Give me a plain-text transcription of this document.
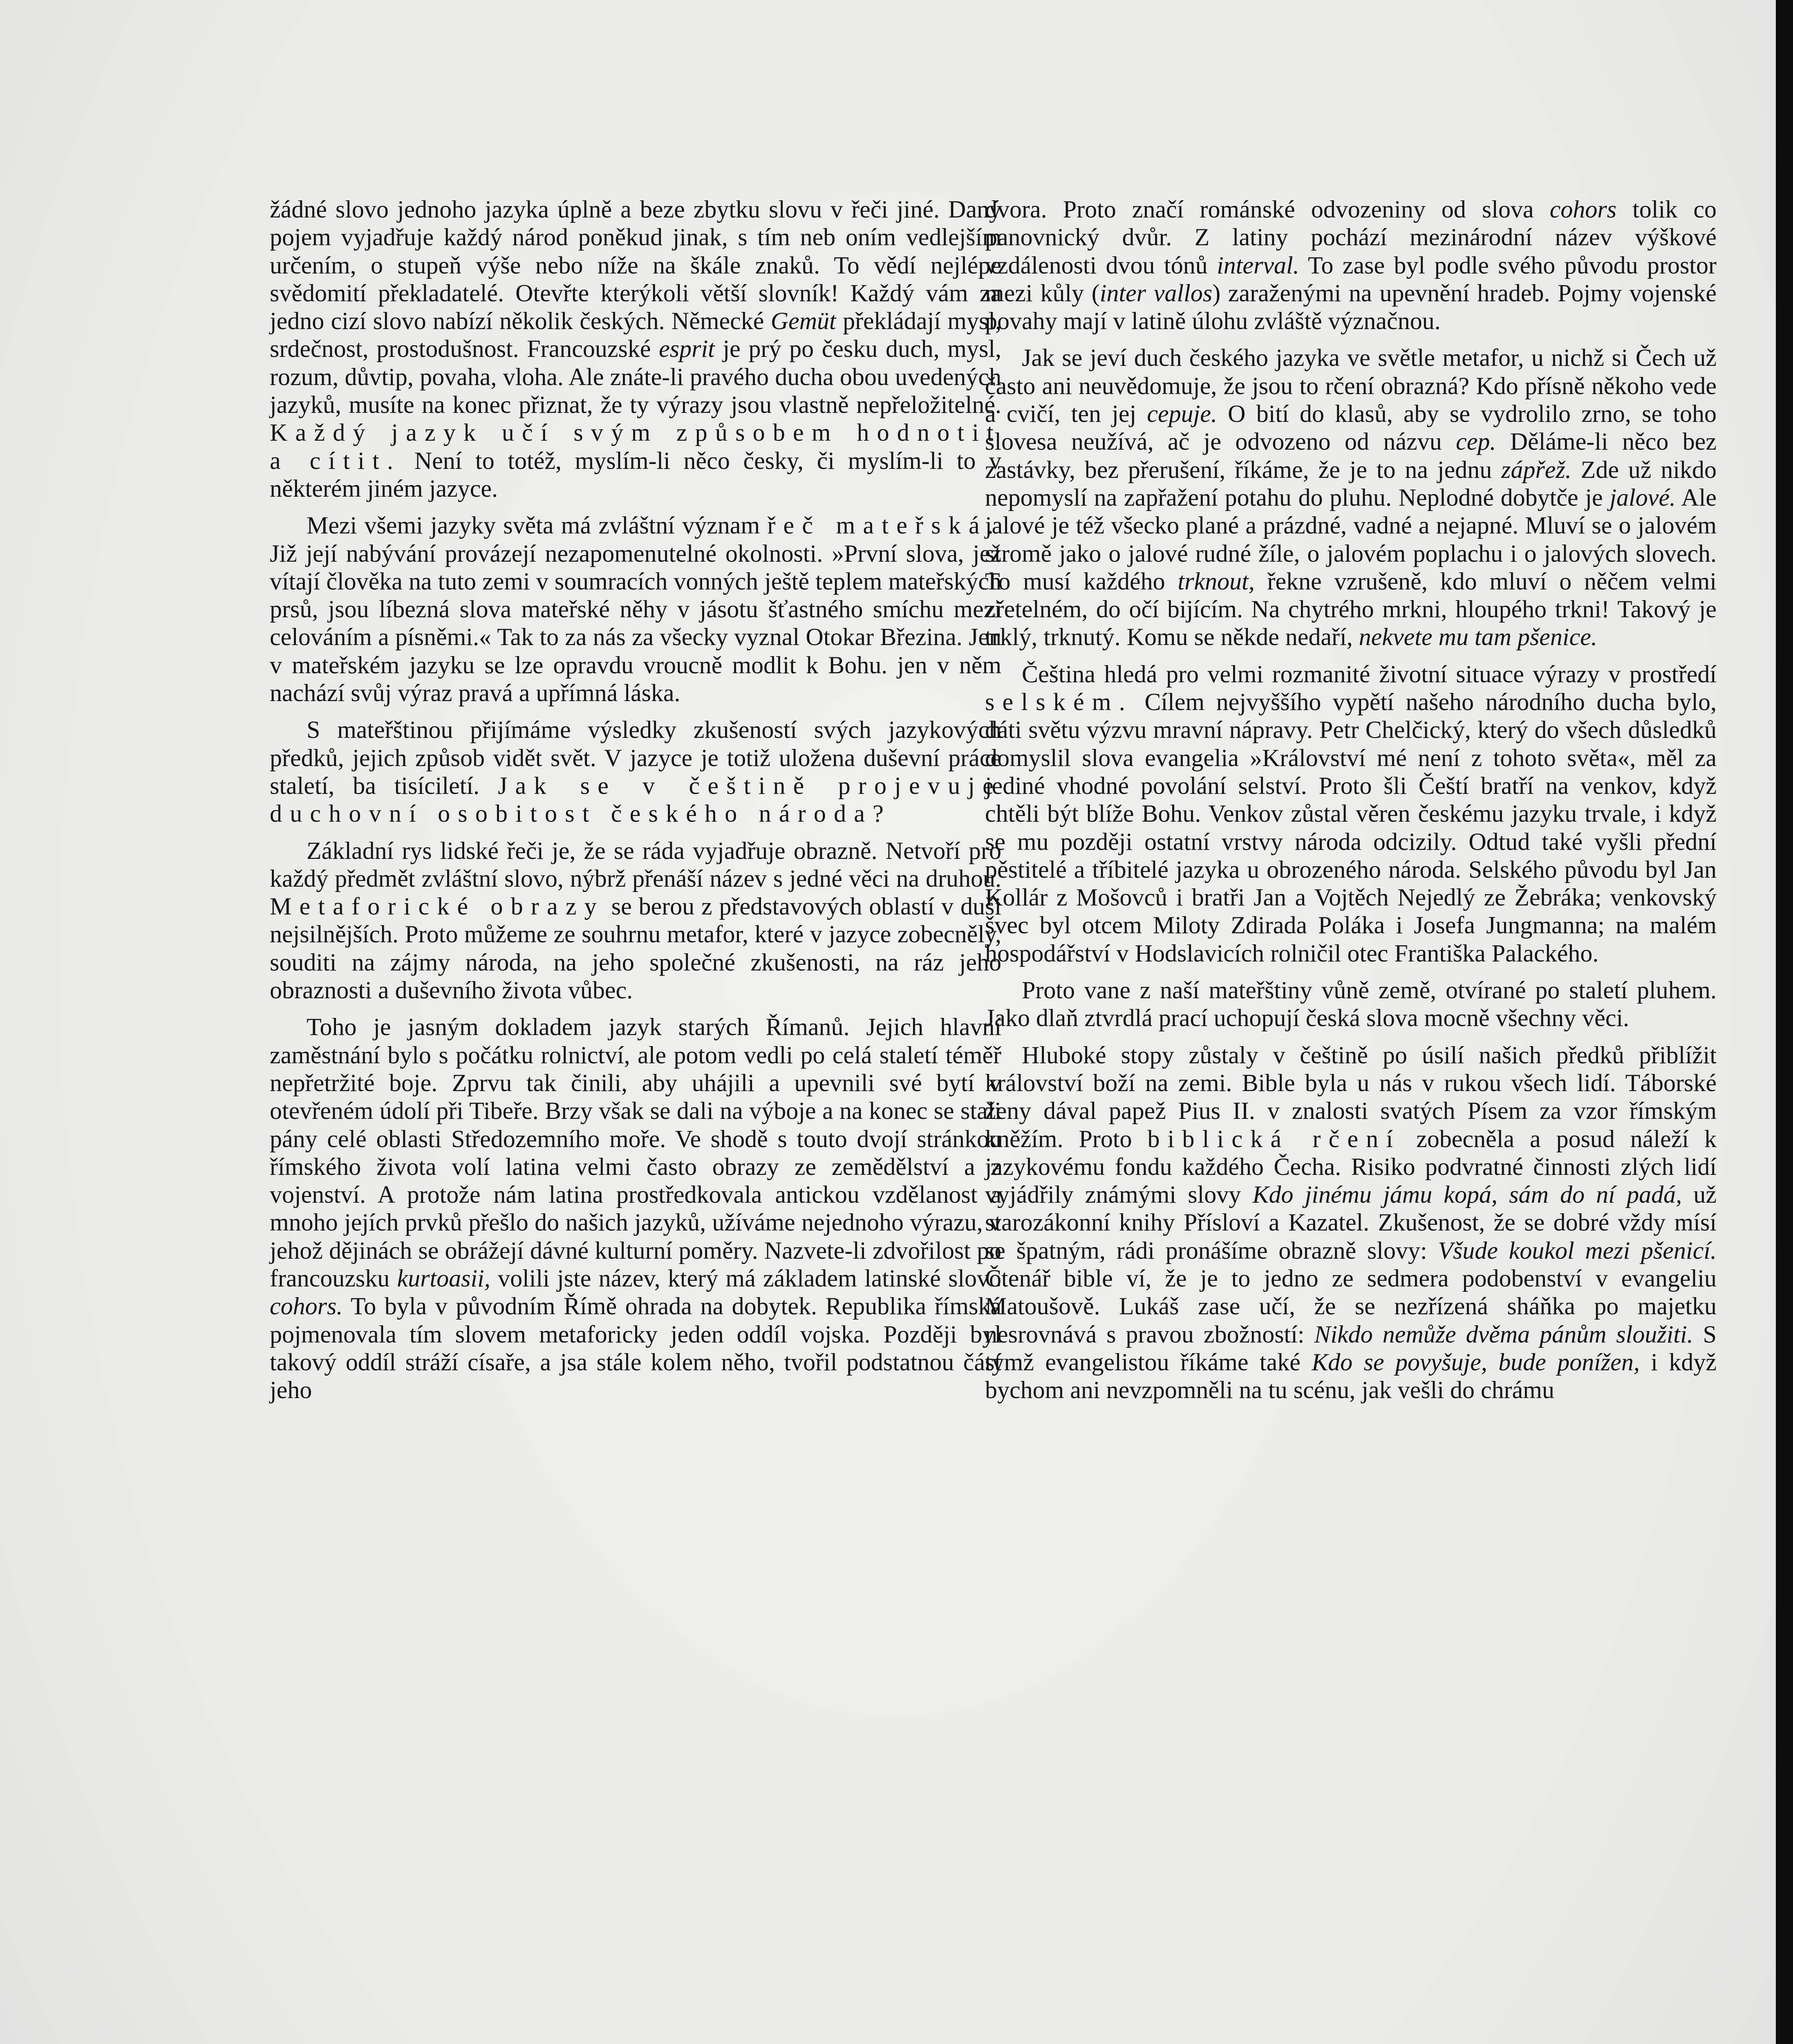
žádné slovo jednoho jazyka úplně a beze zbytku slovu v řeči jiné. Daný pojem vyjadřuje každý národ poněkud jinak, s tím neb oním vedlejším určením, o stupeň výše nebo níže na škále znaků. To vědí nejlépe svědomití překladatelé. Otevřte kterýkoli větší slovník! Každý vám za jedno cizí slovo nabízí několik českých. Německé Gemüt překládají mysl, srdečnost, prostodušnost. Francouzské esprit je prý po česku duch, mysl, rozum, důvtip, povaha, vloha. Ale znáte-li pravého ducha obou uvedených jazyků, musíte na konec přiznat, že ty výrazy jsou vlastně nepřeložitelné. Každý jazyk učí svým způsobem hodnotit a cítit. Není to totéž, myslím-li něco česky, či myslím-li to v některém jiném jazyce.

Mezi všemi jazyky světa má zvláštní význam řeč mateřská. Již její nabývání provázejí nezapomenutelné okolnosti. »První slova, jež vítají člověka na tuto zemi v soumracích vonných ještě teplem mateřských prsů, jsou líbezná slova mateřské něhy v jásotu šťastného smíchu mezi celováním a písněmi.« Tak to za nás za všecky vyznal Otokar Březina. Jen v mateřském jazyku se lze opravdu vroucně modlit k Bohu. jen v něm nachází svůj výraz pravá a upřímná láska.

S mateřštinou přijímáme výsledky zkušeností svých jazykových předků, jejich způsob vidět svět. V jazyce je totiž uložena duševní práce staletí, ba tisíciletí. Jak se v češtině projevuje duchovní osobitost českého národa?

Základní rys lidské řeči je, že se ráda vyjadřuje obrazně. Netvoří pro každý předmět zvláštní slovo, nýbrž přenáší název s jedné věci na druhou. Metaforické obrazy se berou z představových oblastí v duši nejsilnějších. Proto můžeme ze souhrnu metafor, které v jazyce zobecněly, souditi na zájmy národa, na jeho společné zkušenosti, na ráz jeho obraznosti a duševního života vůbec.

Toho je jasným dokladem jazyk starých Římanů. Jejich hlavní zaměstnání bylo s počátku rolnictví, ale potom vedli po celá staletí téměř nepřetržité boje. Zprvu tak činili, aby uhájili a upevnili své bytí v otevřeném údolí při Tibeře. Brzy však se dali na výboje a na konec se stali pány celé oblasti Středozemního moře. Ve shodě s touto dvojí stránkou římského života volí latina velmi často obrazy ze zemědělství a z vojenství. A protože nám latina prostředkovala antickou vzdělanost a mnoho jejích prvků přešlo do našich jazyků, užíváme nejednoho výrazu, v jehož dějinách se obrážejí dávné kulturní poměry. Nazvete-li zdvořilost po francouzsku kurtoasii, volili jste název, který má základem latinské slovo cohors. To byla v původním Římě ohrada na dobytek. Republika římská pojmenovala tím slovem metaforicky jeden oddíl vojska. Později byl takový oddíl stráží císaře, a jsa stále kolem něho, tvořil podstatnou část jeho

dvora. Proto značí románské odvozeniny od slova cohors tolik co panovnický dvůr. Z latiny pochází mezinárodní název výškové vzdálenosti dvou tónů interval. To zase byl podle svého původu prostor mezi kůly (inter vallos) zaraženými na upevnění hradeb. Pojmy vojenské povahy mají v latině úlohu zvláště význačnou.

Jak se jeví duch českého jazyka ve světle metafor, u nichž si Čech už často ani neuvědomuje, že jsou to rčení obrazná? Kdo přísně někoho vede a cvičí, ten jej cepuje. O bití do klasů, aby se vydrolilo zrno, se toho slovesa neužívá, ač je odvozeno od názvu cep. Děláme-li něco bez zastávky, bez přerušení, říkáme, že je to na jednu zápřež. Zde už nikdo nepomyslí na zapřažení potahu do pluhu. Neplodné dobytče je jalové. Ale jalové je též všecko plané a prázdné, vadné a nejapné. Mluví se o jalovém stromě jako o jalové rudné žíle, o jalovém poplachu i o jalových slovech. To musí každého trknout, řekne vzrušeně, kdo mluví o něčem velmi zřetelném, do očí bijícím. Na chytrého mrkni, hloupého trkni! Takový je trklý, trknutý. Komu se někde nedaří, nekvete mu tam pšenice.

Čeština hledá pro velmi rozmanité životní situace výrazy v prostředí selském. Cílem nejvyššího vypětí našeho národního ducha bylo, dáti světu výzvu mravní nápravy. Petr Chelčický, který do všech důsledků domyslil slova evangelia »Království mé není z tohoto světa«, měl za jediné vhodné povolání selství. Proto šli Čeští bratří na venkov, když chtěli být blíže Bohu. Venkov zůstal věren českému jazyku trvale, i když se mu později ostatní vrstvy národa odcizily. Odtud také vyšli přední pěstitelé a tříbitelé jazyka u obrozeného národa. Selského původu byl Jan Kollár z Mošovců i bratři Jan a Vojtěch Nejedlý ze Žebráka; venkovský švec byl otcem Miloty Zdirada Poláka i Josefa Jungmanna; na malém hospodářství v Hodslavicích rolničil otec Františka Palackého.

Proto vane z naší mateřštiny vůně země, otvírané po staletí pluhem. Jako dlaň ztvrdlá prací uchopují česká slova mocně všechny věci.

Hluboké stopy zůstaly v češtině po úsilí našich předků přiblížit království boží na zemi. Bible byla u nás v rukou všech lidí. Táborské ženy dával papež Pius II. v znalosti svatých Písem za vzor římským kněžím. Proto biblická rčení zobecněla a posud náleží k jazykovému fondu každého Čecha. Risiko podvratné činnosti zlých lidí vyjádřily známými slovy Kdo jinému jámu kopá, sám do ní padá, už starozákonní knihy Přísloví a Kazatel. Zkušenost, že se dobré vždy mísí se špatným, rádi pronášíme obrazně slovy: Všude koukol mezi pšenicí. Čtenář bible ví, že je to jedno ze sedmera podobenství v evangeliu Matoušově. Lukáš zase učí, že se nezřízená sháňka po majetku nesrovnává s pravou zbožností: Nikdo nemůže dvěma pánům sloužiti. S týmž evangelistou říkáme také Kdo se povyšuje, bude ponížen, i když bychom ani nevzpomněli na tu scénu, jak vešli do chrámu
